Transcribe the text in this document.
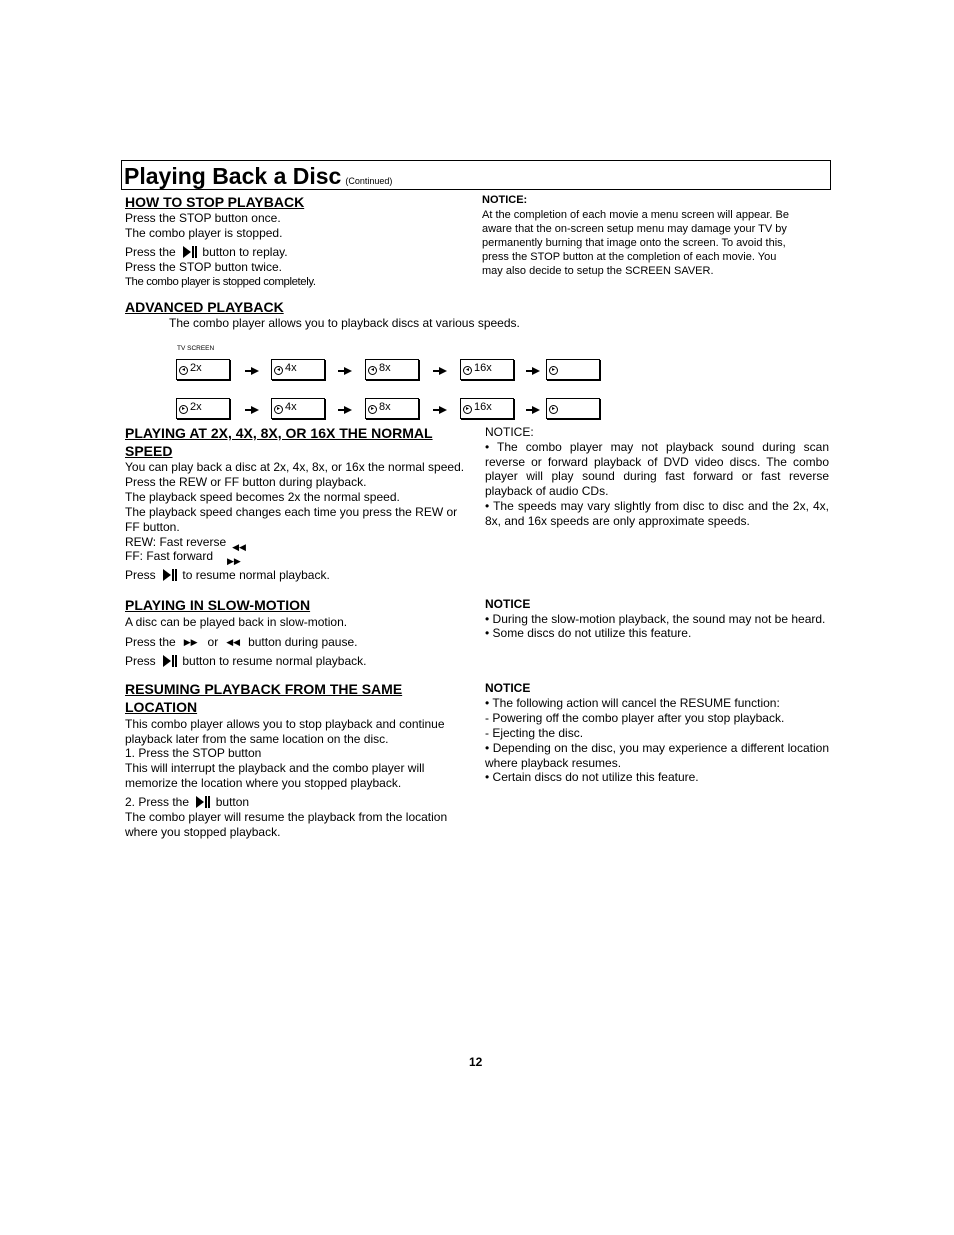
Playing Back a Disc (Continued)
HOW TO STOP PLAYBACK
Press the STOP button once.
The combo player is stopped.
Press the button to replay.
Press the STOP button twice.
The combo player is stopped completely.
NOTICE:
At the completion of each movie a menu screen will appear. Be
aware that the on-screen setup menu may damage your TV by
permanently burning that image onto the screen. To avoid this,
press the STOP button at the completion of each movie. You
may also decide to setup the SCREEN SAVER.
ADVANCED PLAYBACK
The combo player allows you to playback discs at various speeds.
TV SCREEN
◂ 2x	◂ 4x	◂ 8x	◂ 16x	▸
▸ 2x	▸ 4x	▸ 8x	▸ 16x	▸
PLAYING AT 2X, 4X, 8X, OR 16X THE NORMAL
SPEED
You can play back a disc at 2x, 4x, 8x, or 16x the normal speed.
Press the REW or FF button during playback.
The playback speed becomes 2x the normal speed.
The playback speed changes each time you press the REW or
FF button.
REW: Fast reverse ◀◀
FF: Fast forward ▶▶
Press to resume normal playback.
NOTICE:
• The combo player may not playback sound during scan reverse or forward playback of DVD video discs. The combo player will play sound during fast forward or fast reverse playback of audio CDs.
• The speeds may vary slightly from disc to disc and the 2x, 4x, 8x, and 16x speeds are only approximate speeds.
PLAYING IN SLOW-MOTION
A disc can be played back in slow-motion.
Press the ▶▶ or ◀◀ button during pause.
Press button to resume normal playback.
NOTICE
• During the slow-motion playback, the sound may not be heard.
• Some discs do not utilize this feature.
RESUMING PLAYBACK FROM THE SAME
LOCATION
This combo player allows you to stop playback and continue
playback later from the same location on the disc.
1. Press the STOP button
This will interrupt the playback and the combo player will
memorize the location where you stopped playback.
2. Press the button
The combo player will resume the playback from the location
where you stopped playback.
NOTICE
• The following action will cancel the RESUME function:
- Powering off the combo player after you stop playback.
- Ejecting the disc.
• Depending on the disc, you may experience a different location where playback resumes.
• Certain discs do not utilize this feature.
12
